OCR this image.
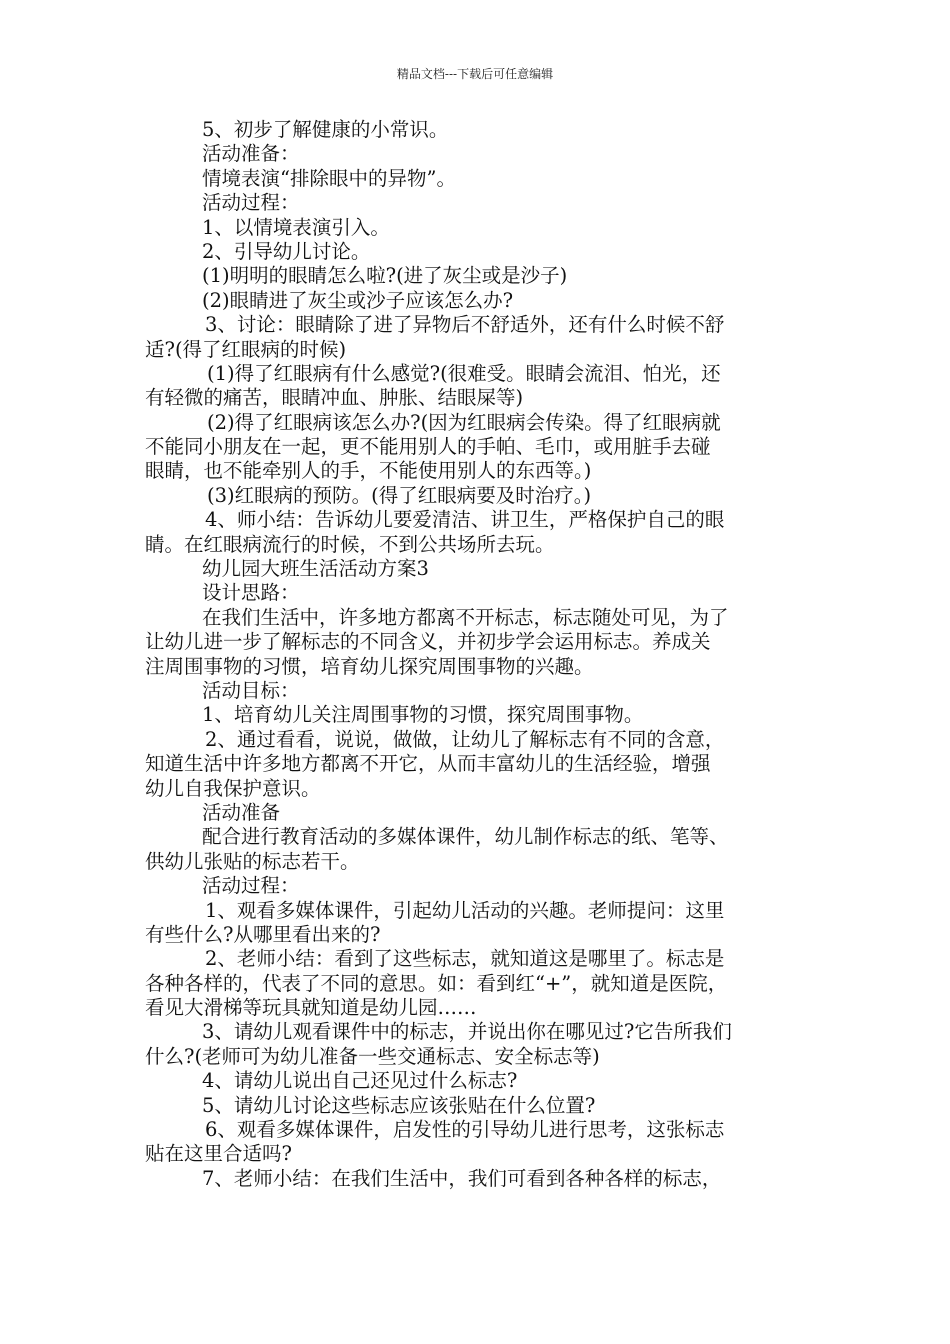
精品文档---下载后可任意编辑
5、初步了解健康的小常识。
活动准备：
情境表演“排除眼中的异物”。
活动过程：
1、以情境表演引入。
2、引导幼儿讨论。
(1)明明的眼睛怎么啦?(进了灰尘或是沙子)
(2)眼睛进了灰尘或沙子应该怎么办?
3、讨论：眼睛除了进了异物后不舒适外，还有什么时候不舒
适?(得了红眼病的时候)
(1)得了红眼病有什么感觉?(很难受。眼睛会流泪、怕光，还
有轻微的痛苦，眼睛冲血、肿胀、结眼屎等)
(2)得了红眼病该怎么办?(因为红眼病会传染。得了红眼病就
不能同小朋友在一起，更不能用别人的手帕、毛巾，或用脏手去碰
眼睛，也不能牵别人的手，不能使用别人的东西等。)
(3)红眼病的预防。(得了红眼病要及时治疗。)
4、师小结：告诉幼儿要爱清洁、讲卫生，严格保护自己的眼
睛。在红眼病流行的时候，不到公共场所去玩。
幼儿园大班生活活动方案3
设计思路：
在我们生活中，许多地方都离不开标志，标志随处可见，为了
让幼儿进一步了解标志的不同含义，并初步学会运用标志。养成关
注周围事物的习惯，培育幼儿探究周围事物的兴趣。
活动目标：
1、培育幼儿关注周围事物的习惯，探究周围事物。
2、通过看看，说说，做做，让幼儿了解标志有不同的含意，
知道生活中许多地方都离不开它，从而丰富幼儿的生活经验，增强
幼儿自我保护意识。
活动准备
配合进行教育活动的多媒体课件，幼儿制作标志的纸、笔等、
供幼儿张贴的标志若干。
活动过程：
1、观看多媒体课件，引起幼儿活动的兴趣。老师提问：这里
有些什么?从哪里看出来的?
2、老师小结：看到了这些标志，就知道这是哪里了。标志是
各种各样的，代表了不同的意思。如：看到红“+”，就知道是医院，
看见大滑梯等玩具就知道是幼儿园……
3、请幼儿观看课件中的标志，并说出你在哪见过?它告所我们
什么?(老师可为幼儿准备一些交通标志、安全标志等)
4、请幼儿说出自己还见过什么标志?
5、请幼儿讨论这些标志应该张贴在什么位置?
6、观看多媒体课件，启发性的引导幼儿进行思考，这张标志
贴在这里合适吗?
7、老师小结：在我们生活中，我们可看到各种各样的标志，
